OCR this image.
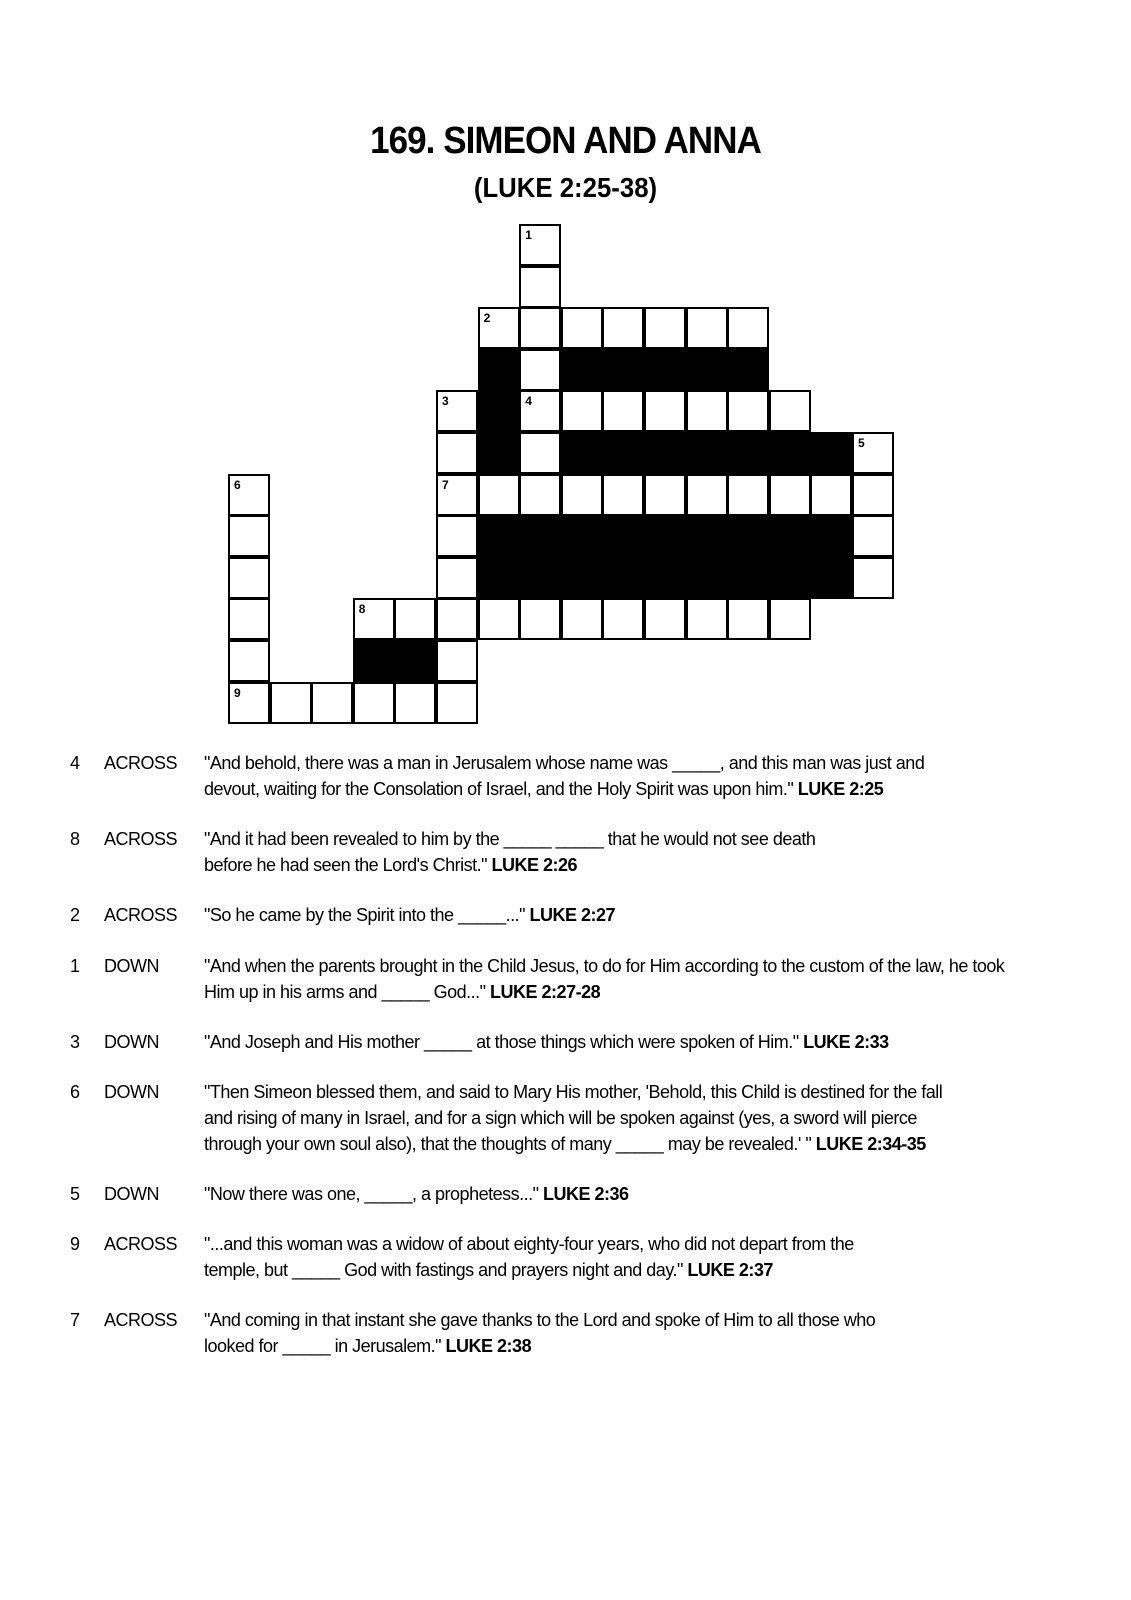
169. SIMEON AND ANNA
(LUKE 2:25-38)
1
2
3	4
5
6	7
8
9
4 ACROSS "And behold, there was a man in Jerusalem whose name was _____, and this man was just and
devout, waiting for the Consolation of Israel, and the Holy Spirit was upon him." LUKE 2:25
8 ACROSS "And it had been revealed to him by the _____ _____ that he would not see death
before he had seen the Lord's Christ." LUKE 2:26
2 ACROSS "So he came by the Spirit into the _____..." LUKE 2:27
1 DOWN	"And when the parents brought in the Child Jesus, to do for Him according to the custom of the law, he took
Him up in his arms and _____ God..." LUKE 2:27-28
3 DOWN	"And Joseph and His mother _____ at those things which were spoken of Him." LUKE 2:33
6 DOWN	"Then Simeon blessed them, and said to Mary His mother, 'Behold, this Child is destined for the fall
and rising of many in Israel, and for a sign which will be spoken against (yes, a sword will pierce
through your own soul also), that the thoughts of many _____ may be revealed.' " LUKE 2:34-35
5 DOWN	"Now there was one, _____, a prophetess..." LUKE 2:36
9 ACROSS "...and this woman was a widow of about eighty-four years, who did not depart from the
temple, but _____ God with fastings and prayers night and day." LUKE 2:37
7 ACROSS "And coming in that instant she gave thanks to the Lord and spoke of Him to all those who
looked for _____ in Jerusalem." LUKE 2:38
